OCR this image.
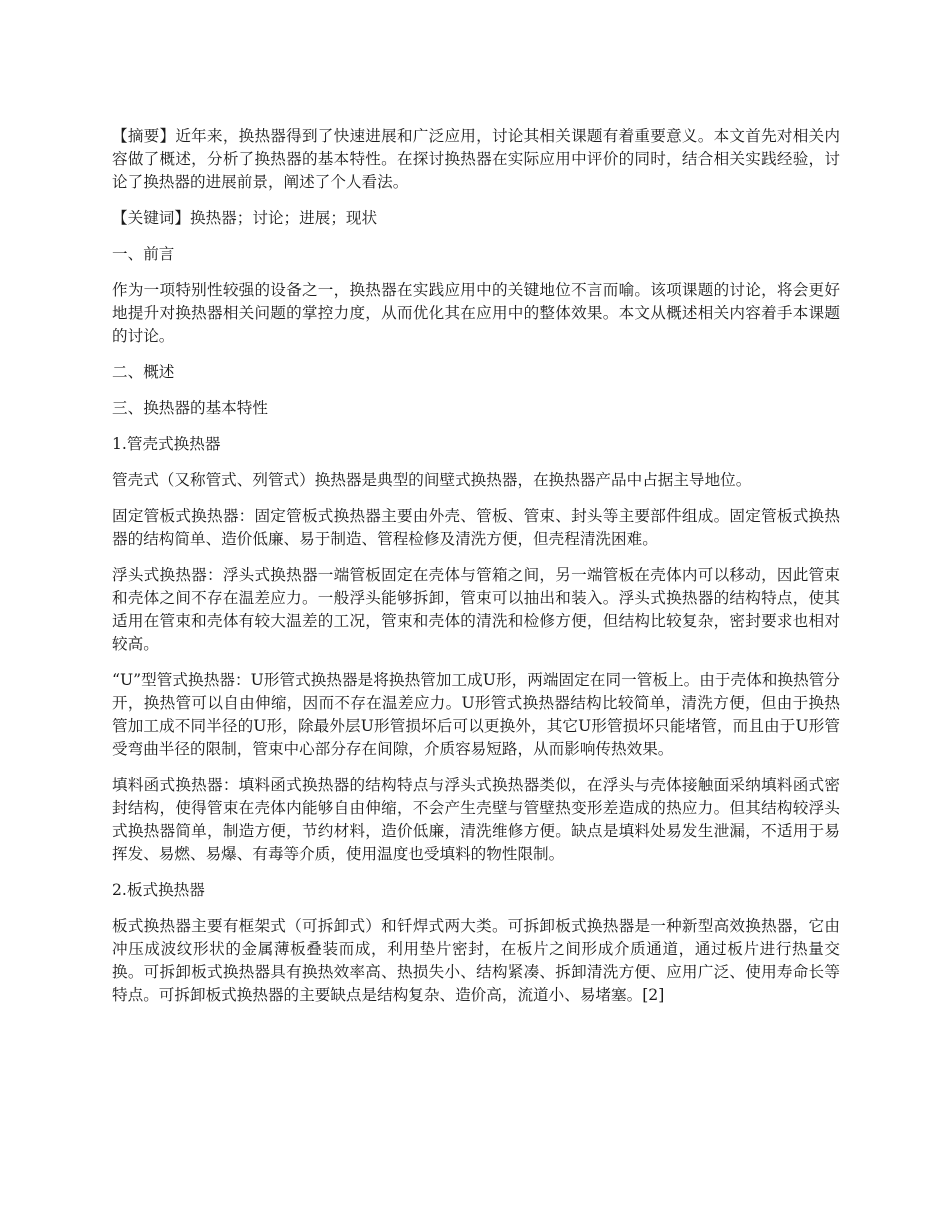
【摘要】近年来，换热器得到了快速进展和广泛应用，讨论其相关课题有着重要意义。本文首先对相关内容做了概述，分析了换热器的基本特性。在探讨换热器在实际应用中评价的同时，结合相关实践经验，讨论了换热器的进展前景，阐述了个人看法。

【关键词】换热器；讨论；进展；现状

一、前言

作为一项特别性较强的设备之一，换热器在实践应用中的关键地位不言而喻。该项课题的讨论，将会更好地提升对换热器相关问题的掌控力度，从而优化其在应用中的整体效果。本文从概述相关内容着手本课题的讨论。

二、概述

三、换热器的基本特性

1.管壳式换热器

管壳式（又称管式、列管式）换热器是典型的间壁式换热器，在换热器产品中占据主导地位。

固定管板式换热器：固定管板式换热器主要由外壳、管板、管束、封头等主要部件组成。固定管板式换热器的结构简单、造价低廉、易于制造、管程检修及清洗方便，但壳程清洗困难。

浮头式换热器：浮头式换热器一端管板固定在壳体与管箱之间，另一端管板在壳体内可以移动，因此管束和壳体之间不存在温差应力。一般浮头能够拆卸，管束可以抽出和装入。浮头式换热器的结构特点，使其适用在管束和壳体有较大温差的工况，管束和壳体的清洗和检修方便，但结构比较复杂，密封要求也相对较高。

“U”型管式换热器：U形管式换热器是将换热管加工成U形，两端固定在同一管板上。由于壳体和换热管分开，换热管可以自由伸缩，因而不存在温差应力。U形管式换热器结构比较简单，清洗方便，但由于换热管加工成不同半径的U形，除最外层U形管损坏后可以更换外，其它U形管损坏只能堵管，而且由于U形管受弯曲半径的限制，管束中心部分存在间隙，介质容易短路，从而影响传热效果。

填料函式换热器：填料函式换热器的结构特点与浮头式换热器类似，在浮头与壳体接触面采纳填料函式密封结构，使得管束在壳体内能够自由伸缩，不会产生壳壁与管壁热变形差造成的热应力。但其结构较浮头式换热器简单，制造方便，节约材料，造价低廉，清洗维修方便。缺点是填料处易发生泄漏，不适用于易挥发、易燃、易爆、有毒等介质，使用温度也受填料的物性限制。

2.板式换热器

板式换热器主要有框架式（可拆卸式）和钎焊式两大类。可拆卸板式换热器是一种新型高效换热器，它由冲压成波纹形状的金属薄板叠装而成，利用垫片密封，在板片之间形成介质通道，通过板片进行热量交换。可拆卸板式换热器具有换热效率高、热损失小、结构紧凑、拆卸清洗方便、应用广泛、使用寿命长等特点。可拆卸板式换热器的主要缺点是结构复杂、造价高，流道小、易堵塞。[2]
